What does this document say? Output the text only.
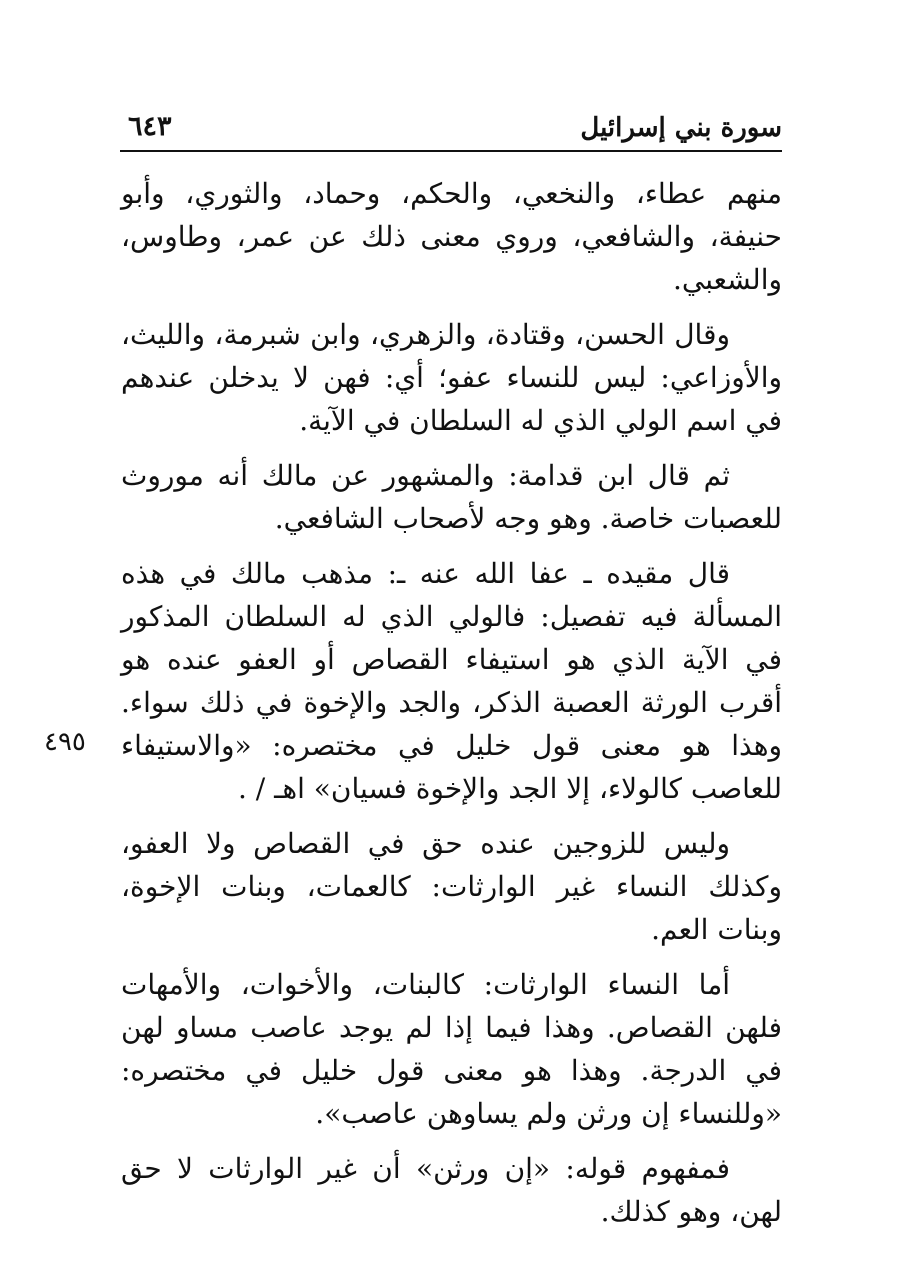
سورة بني إسرائيل
٦٤٣
٤٩٥

منهم عطاء، والنخعي، والحكم، وحماد، والثوري، وأبو حنيفة، والشافعي، وروي معنى ذلك عن عمر، وطاوس، والشعبي.

وقال الحسن، وقتادة، والزهري، وابن شبرمة، والليث، والأوزاعي: ليس للنساء عفو؛ أي: فهن لا يدخلن عندهم في اسم الولي الذي له السلطان في الآية.

ثم قال ابن قدامة: والمشهور عن مالك أنه موروث للعصبات خاصة. وهو وجه لأصحاب الشافعي.

قال مقيده ـ عفا الله عنه ـ: مذهب مالك في هذه المسألة فيه تفصيل: فالولي الذي له السلطان المذكور في الآية الذي هو استيفاء القصاص أو العفو عنده هو أقرب الورثة العصبة الذكر، والجد والإخوة في ذلك سواء. وهذا هو معنى قول خليل في مختصره: «والاستيفاء للعاصب كالولاء، إلا الجد والإخوة فسيان» اهـ / .

وليس للزوجين عنده حق في القصاص ولا العفو، وكذلك النساء غير الوارثات: كالعمات، وبنات الإخوة، وبنات العم.

أما النساء الوارثات: كالبنات، والأخوات، والأمهات فلهن القصاص. وهذا فيما إذا لم يوجد عاصب مساو لهن في الدرجة. وهذا هو معنى قول خليل في مختصره: «وللنساء إن ورثن ولم يساوهن عاصب».

فمفهوم قوله: «إن ورثن» أن غير الوارثات لا حق لهن، وهو كذلك.
